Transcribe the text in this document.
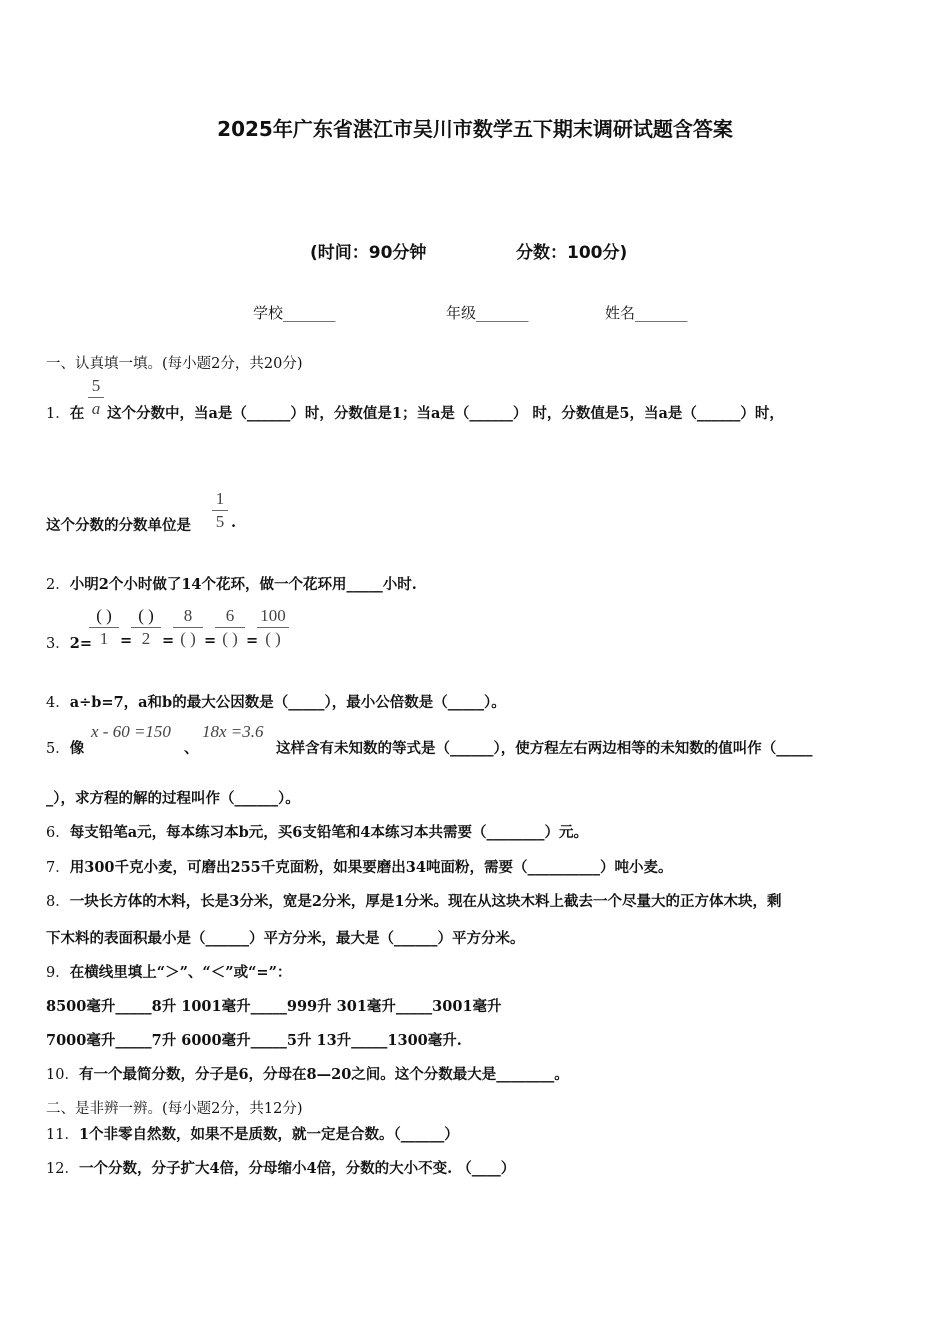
2025年广东省湛江市吴川市数学五下期末调研试题含答案
(时间：90分钟	分数：100分)
学校_______	年级_______	姓名_______
一、认真填一填。(每小题2分，共20分)
1．在
5
a 这个分数中，当a是（______）时，分数值是1；当a是（______） 时，分数值是5，当a是（______）时，
这个分数的分数单位是
1
5 .
2．小明2个小时做了14个花环，做一个花环用_____小时.
3．2=
( )
1 =
( )
2 =
8
( ) =
6
( ) =
100
( )
4．a÷b=7，a和b的最大公因数是（_____），最小公倍数是（_____）。
5．像
x - 60 =150
、
18x =3.6
这样含有未知数的等式是（______），使方程左右两边相等的未知数的值叫作（_____
_），求方程的解的过程叫作（______）。
6．每支铅笔a元，每本练习本b元，买6支铅笔和4本练习本共需要（________）元。
7．用300千克小麦，可磨出255千克面粉，如果要磨出34吨面粉，需要（__________）吨小麦。
8．一块长方体的木料，长是3分米，宽是2分米，厚是1分米。现在从这块木料上截去一个尽量大的正方体木块，剩
下木料的表面积最小是（______）平方分米，最大是（______）平方分米。
9．在横线里填上“＞”、“＜”或“=”：
8500毫升_____8升 1001毫升_____999升 301毫升_____3001毫升
7000毫升_____7升 6000毫升_____5升 13升_____1300毫升.
10．有一个最简分数，分子是6，分母在8—20之间。这个分数最大是________。
二、是非辨一辨。(每小题2分，共12分)
11．1个非零自然数，如果不是质数，就一定是合数。（______）
12．一个分数，分子扩大4倍，分母缩小4倍，分数的大小不变. （____）
